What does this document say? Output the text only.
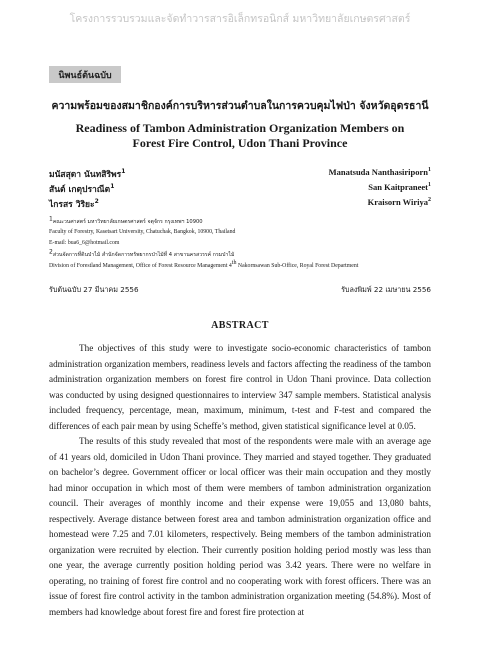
โครงการรวบรวมและจัดทำวารสารอิเล็กทรอนิกส์ มหาวิทยาลัยเกษตรศาสตร์
นิพนธ์ต้นฉบับ
ความพร้อมของสมาชิกองค์การบริหารส่วนตำบลในการควบคุมไฟป่า จังหวัดอุดรธานี
Readiness of Tambon Administration Organization Members on
Forest Fire Control, Udon Thani Province
มนัสสุดา นันทสิริพร$^1$	Manatsuda Nanthasiriporn$^1$
สันต์ เกตุปราณีต$^1$	San Kaitpraneet$^1$
ไกรสร วิริยะ$^2$	Kraisorn Wiriya$^2$
$^1$คณะวนศาสตร์ มหาวิทยาลัยเกษตรศาสตร์ จตุจักร กรุงเทพฯ 10900
Faculty of Forestry, Kasetsart University, Chatuchak, Bangkok, 10900, Thailand
E-mail: bua6_6@hotmail.com
$^2$ส่วนจัดการที่ดินป่าไม้ สำนักจัดการทรัพยากรป่าไม้ที่ 4 สาขานครสวรรค์ กรมป่าไม้
Division of Forestland Management, Office of Forest Resource Management 4th Nakornsawan Sub-Office, Royal Forest Department
รับต้นฉบับ 27 มีนาคม 2556	รับลงพิมพ์ 22 เมษายน 2556
ABSTRACT

The objectives of this study were to investigate socio-economic characteristics of tambon administration organization members, readiness levels and factors affecting the readiness of the tambon administration organization members on forest fire control in Udon Thani province. Data collection was conducted by using designed questionnaires to interview 347 sample members. Statistical analysis included frequency, percentage, mean, maximum, minimum, t-test and F-test and compared the differences of each pair mean by using Scheffe’s method, given statistical significance level at 0.05.

The results of this study revealed that most of the respondents were male with an average age of 41 years old, domiciled in Udon Thani province. They married and stayed together. They graduated on bachelor’s degree. Government officer or local officer was their main occupation and they mostly had minor occupation in which most of them were members of tambon administration organization council. Their averages of monthly income and their expense were 19,055 and 13,080 bahts, respectively. Average distance between forest area and tambon administration organization office and homestead were 7.25 and 7.01 kilometers, respectively. Being members of the tambon administration organization were recruited by election. Their currently position holding period mostly was less than one year, the average currently position holding period was 3.42 years. There were no welfare in operating, no training of forest fire control and no cooperating work with forest officers. There was an issue of forest fire control activity in the tambon administration organization meeting (54.8%). Most of members had knowledge about forest fire and forest fire protection at
